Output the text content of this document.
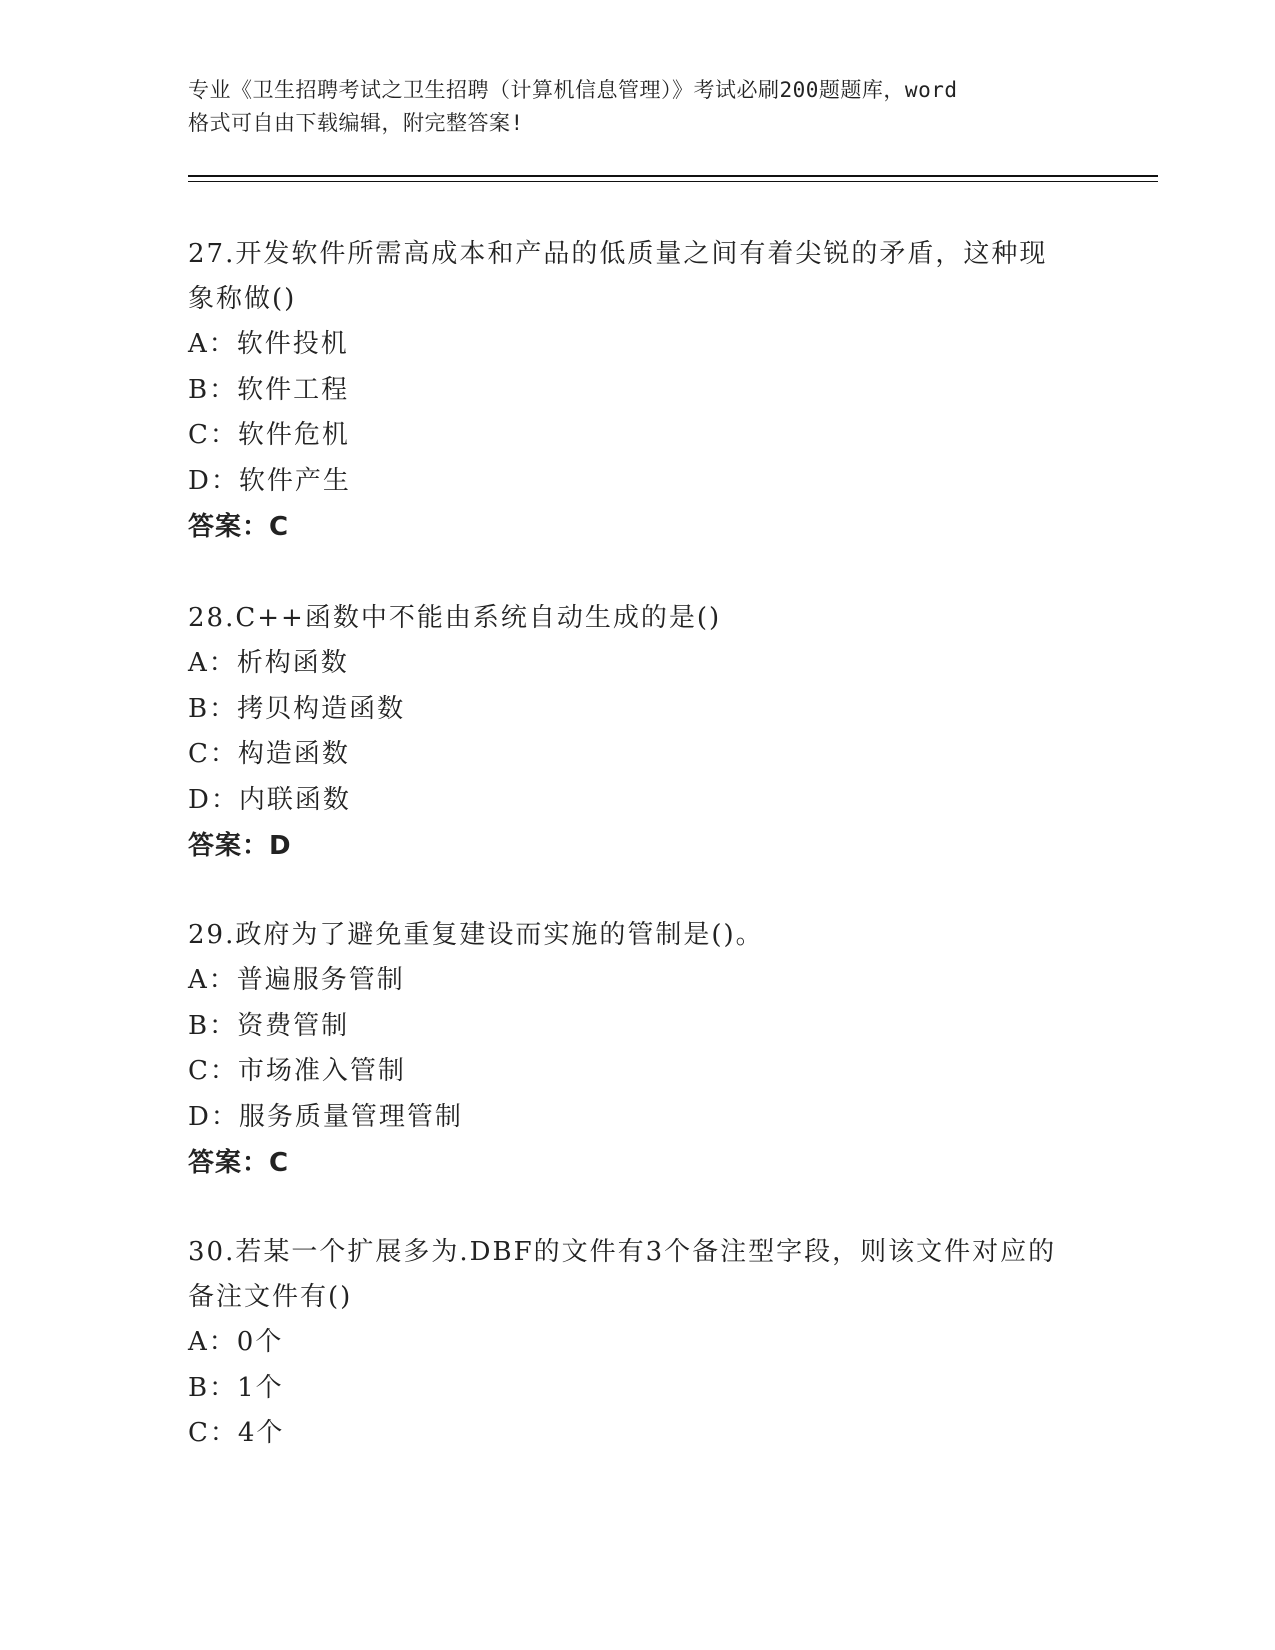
专业《卫生招聘考试之卫生招聘（计算机信息管理）》考试必刷200题题库，word
格式可自由下载编辑，附完整答案!
27.开发软件所需高成本和产品的低质量之间有着尖锐的矛盾，这种现
象称做()
A：软件投机
B：软件工程
C：软件危机
D：软件产生
答案：C
28.C++函数中不能由系统自动生成的是()
A：析构函数
B：拷贝构造函数
C：构造函数
D：内联函数
答案：D
29.政府为了避免重复建设而实施的管制是()。
A：普遍服务管制
B：资费管制
C：市场准入管制
D：服务质量管理管制
答案：C
30.若某一个扩展多为.DBF的文件有3个备注型字段，则该文件对应的
备注文件有()
A：0个
B：1个
C：4个
